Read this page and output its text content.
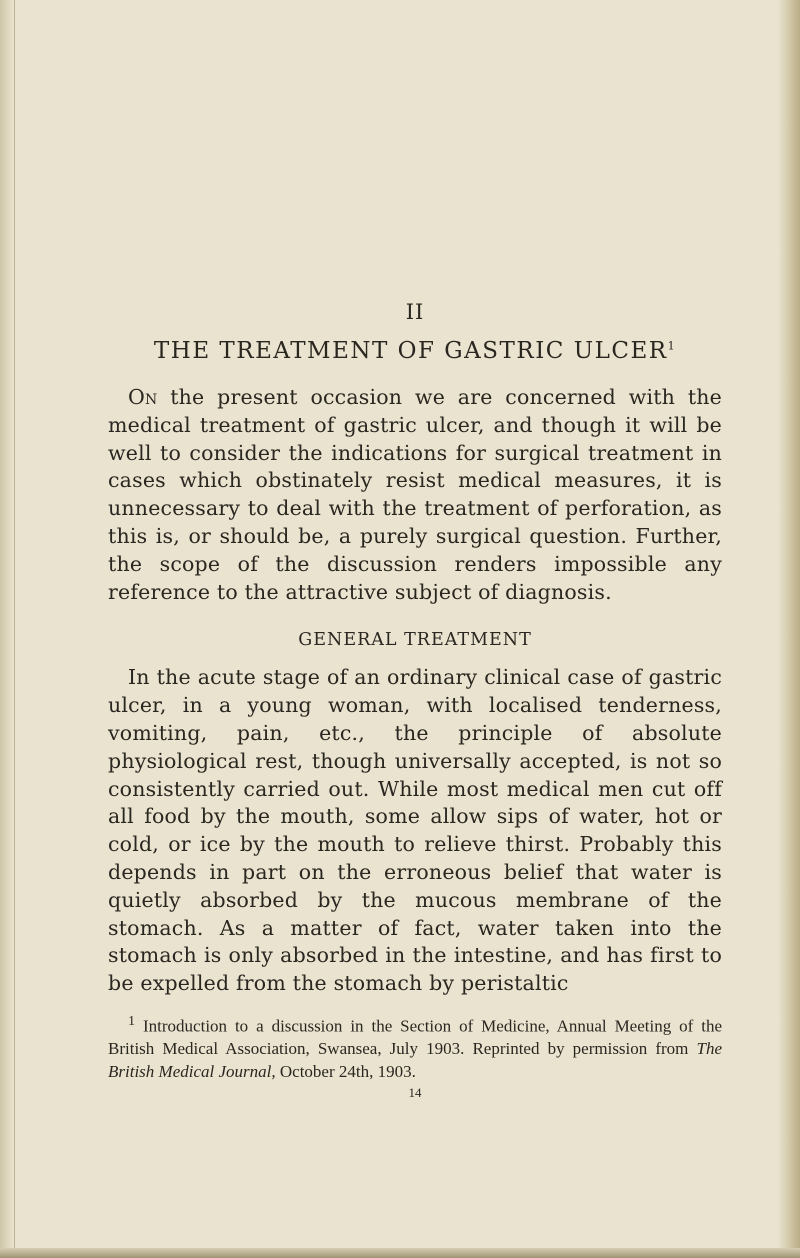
II
THE TREATMENT OF GASTRIC ULCER$^1$

On the present occasion we are concerned with the medical treatment of gastric ulcer, and though it will be well to consider the indications for surgical treatment in cases which obstinately resist medical measures, it is unnecessary to deal with the treatment of perforation, as this is, or should be, a purely surgical question. Further, the scope of the discussion renders impossible any reference to the attractive subject of diagnosis.

GENERAL TREATMENT

In the acute stage of an ordinary clinical case of gastric ulcer, in a young woman, with localised tenderness, vomiting, pain, etc., the principle of absolute physiological rest, though universally accepted, is not so consistently carried out. While most medical men cut off all food by the mouth, some allow sips of water, hot or cold, or ice by the mouth to relieve thirst. Probably this depends in part on the erroneous belief that water is quietly absorbed by the mucous membrane of the stomach. As a matter of fact, water taken into the stomach is only absorbed in the intestine, and has first to be expelled from the stomach by peristaltic

$^1$ Introduction to a discussion in the Section of Medicine, Annual Meeting of the British Medical Association, Swansea, July 1903. Reprinted by permission from The British Medical Journal, October 24th, 1903.
14
